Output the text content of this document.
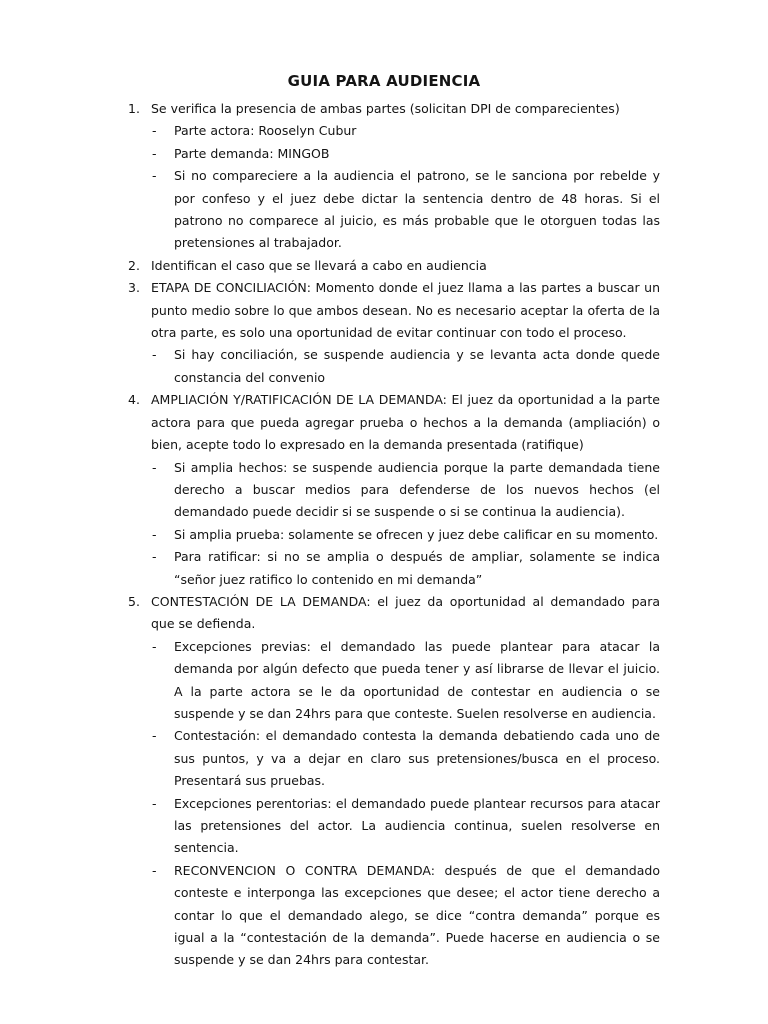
GUIA PARA AUDIENCIA
1. Se verifica la presencia de ambas partes (solicitan DPI de comparecientes)
- Parte actora: Rooselyn Cubur
- Parte demanda: MINGOB
- Si no compareciere a la audiencia el patrono, se le sanciona por rebelde y por confeso y el juez debe dictar la sentencia dentro de 48 horas. Si el patrono no comparece al juicio, es más probable que le otorguen todas las pretensiones al trabajador.
2. Identifican el caso que se llevará a cabo en audiencia
3. ETAPA DE CONCILIACIÓN: Momento donde el juez llama a las partes a buscar un punto medio sobre lo que ambos desean. No es necesario aceptar la oferta de la otra parte, es solo una oportunidad de evitar continuar con todo el proceso.
- Si hay conciliación, se suspende audiencia y se levanta acta donde quede constancia del convenio
4. AMPLIACIÓN Y/RATIFICACIÓN DE LA DEMANDA: El juez da oportunidad a la parte actora para que pueda agregar prueba o hechos a la demanda (ampliación) o bien, acepte todo lo expresado en la demanda presentada (ratifique)
- Si amplia hechos: se suspende audiencia porque la parte demandada tiene derecho a buscar medios para defenderse de los nuevos hechos (el demandado puede decidir si se suspende o si se continua la audiencia).
- Si amplia prueba: solamente se ofrecen y juez debe calificar en su momento.
- Para ratificar: si no se amplia o después de ampliar, solamente se indica “señor juez ratifico lo contenido en mi demanda”
5. CONTESTACIÓN DE LA DEMANDA: el juez da oportunidad al demandado para que se defienda.
- Excepciones previas: el demandado las puede plantear para atacar la demanda por algún defecto que pueda tener y así librarse de llevar el juicio. A la parte actora se le da oportunidad de contestar en audiencia o se suspende y se dan 24hrs para que conteste. Suelen resolverse en audiencia.
- Contestación: el demandado contesta la demanda debatiendo cada uno de sus puntos, y va a dejar en claro sus pretensiones/busca en el proceso. Presentará sus pruebas.
- Excepciones perentorias: el demandado puede plantear recursos para atacar las pretensiones del actor. La audiencia continua, suelen resolverse en sentencia.
- RECONVENCION O CONTRA DEMANDA: después de que el demandado conteste e interponga las excepciones que desee; el actor tiene derecho a contar lo que el demandado alego, se dice “contra demanda” porque es igual a la “contestación de la demanda”. Puede hacerse en audiencia o se suspende y se dan 24hrs para contestar.
